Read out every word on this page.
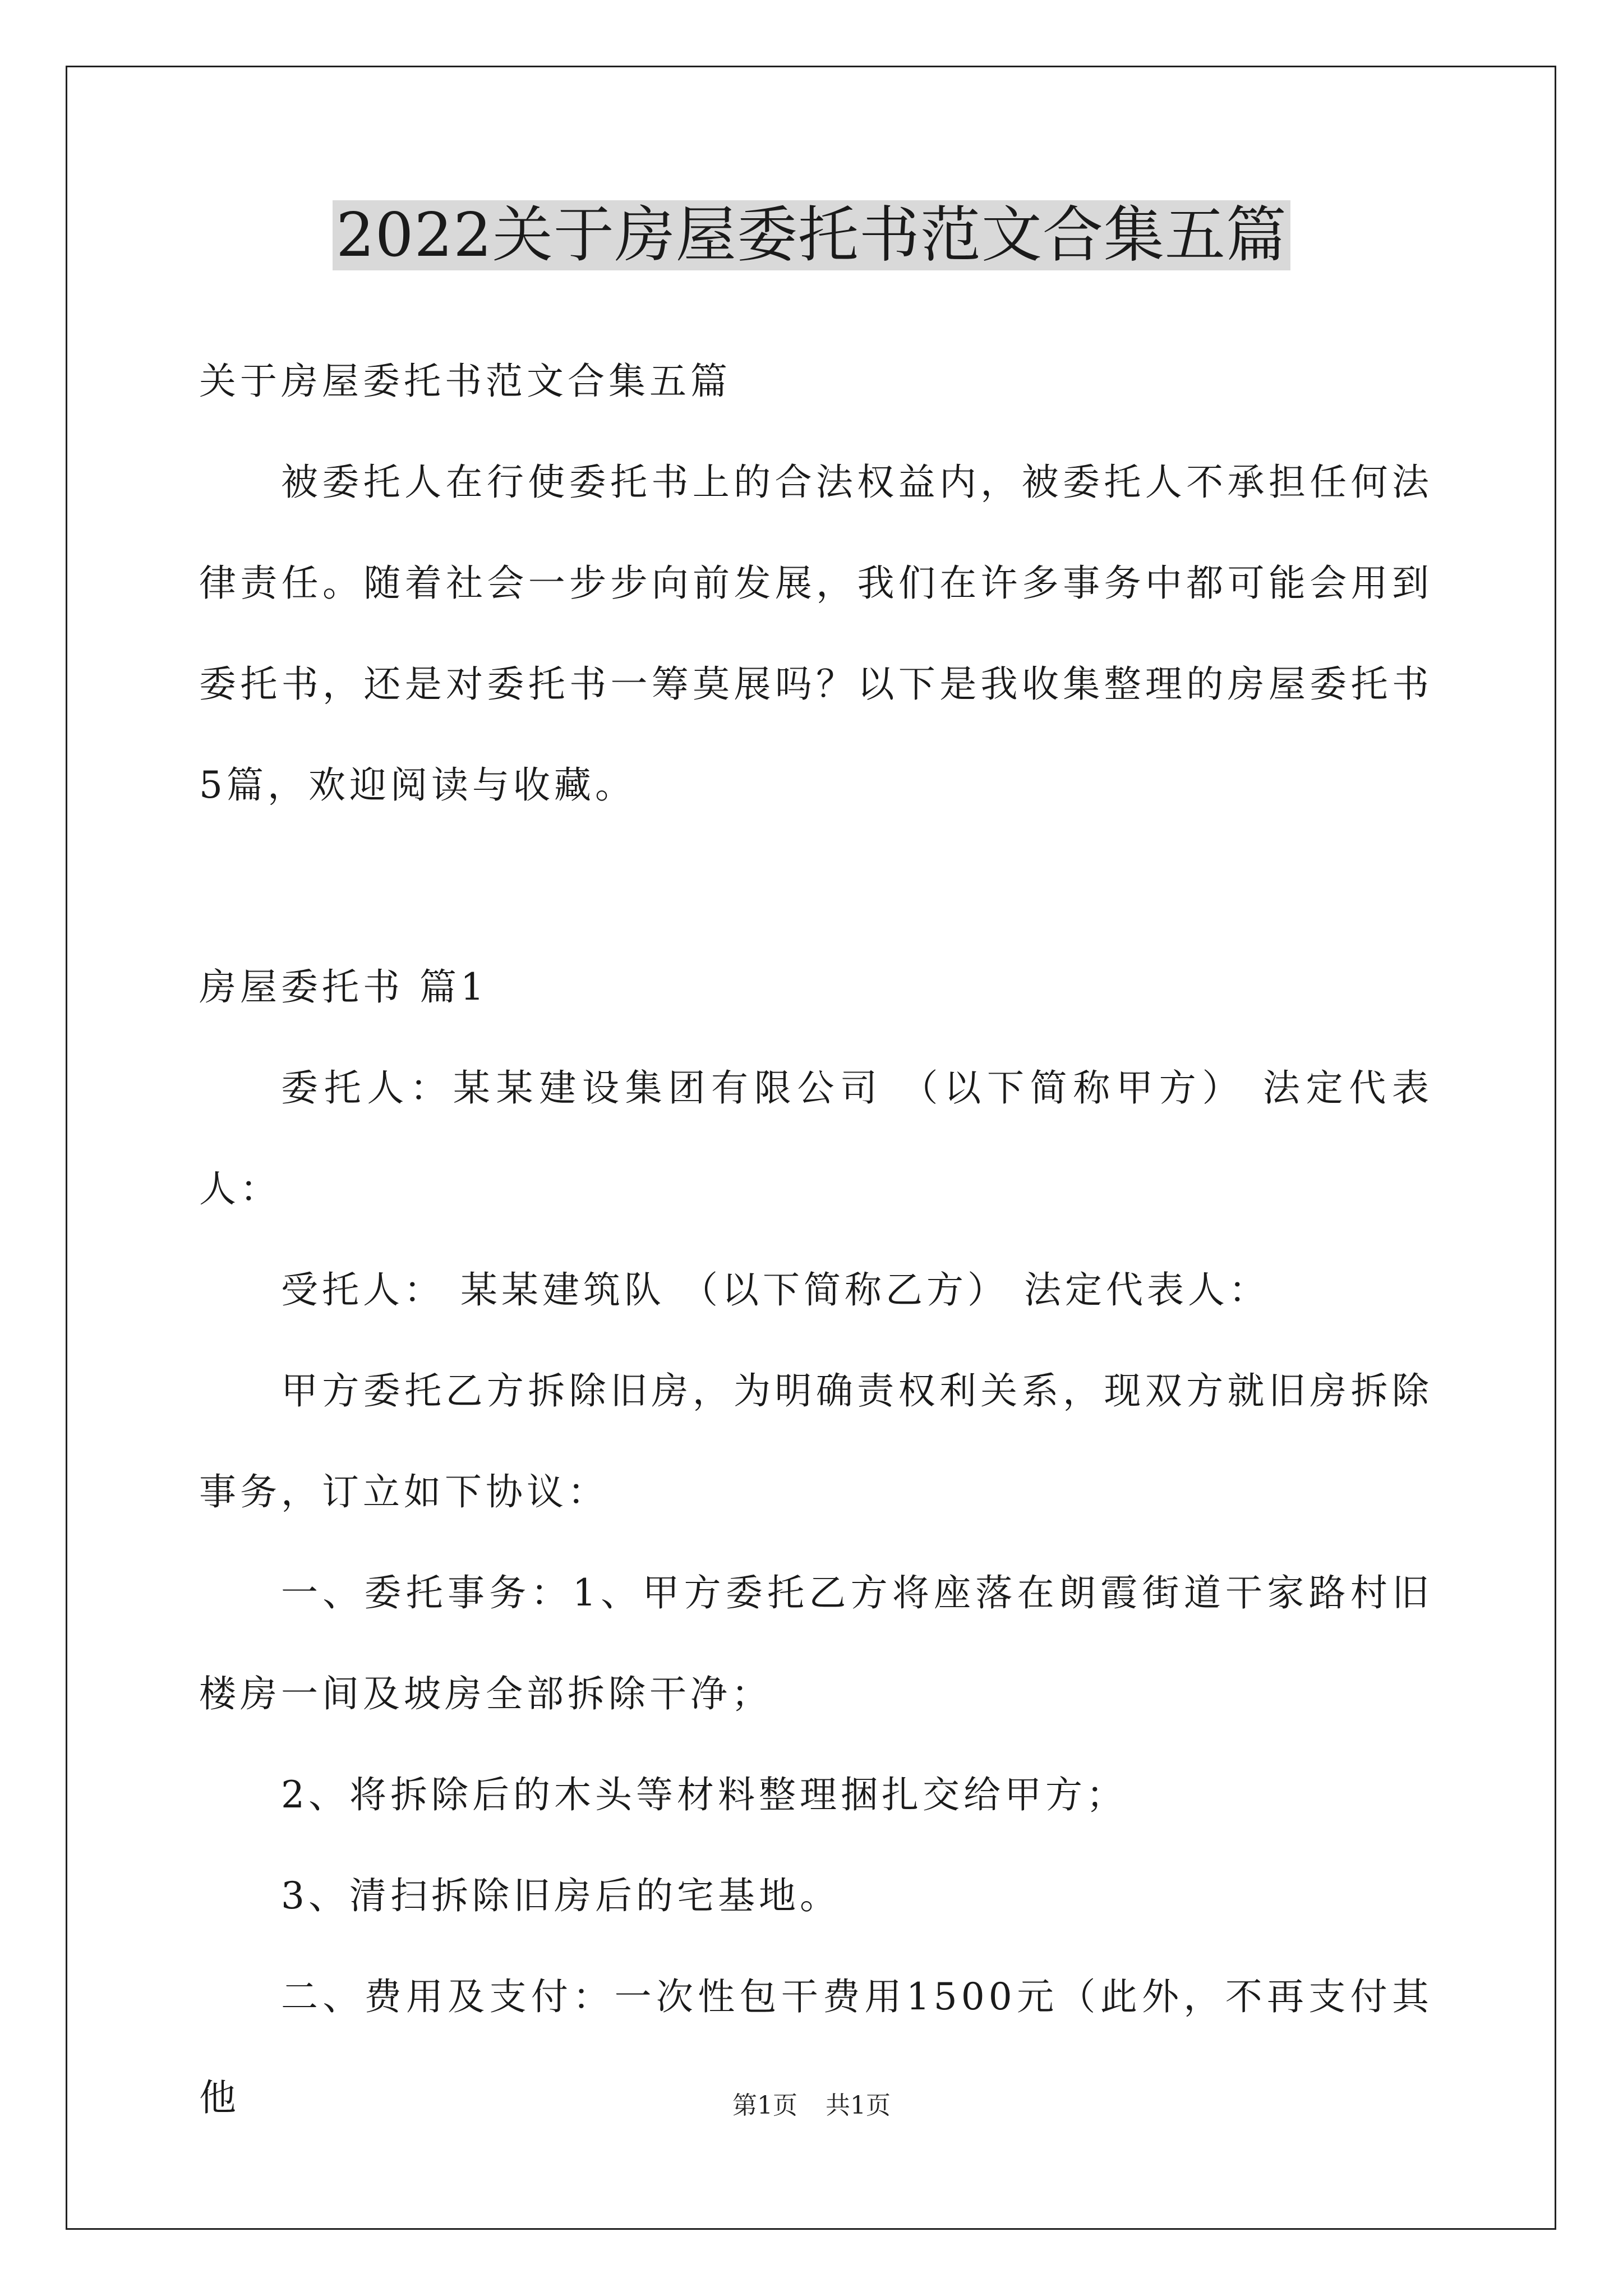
2022关于房屋委托书范文合集五篇

关于房屋委托书范文合集五篇

被委托人在行使委托书上的合法权益内，被委托人不承担任何法律责任。随着社会一步步向前发展，我们在许多事务中都可能会用到委托书，还是对委托书一筹莫展吗？以下是我收集整理的房屋委托书5篇，欢迎阅读与收藏。

房屋委托书 篇1

委托人：某某建设集团有限公司 （以下简称甲方） 法定代表人：

受托人： 某某建筑队 （以下简称乙方） 法定代表人：

甲方委托乙方拆除旧房，为明确责权利关系，现双方就旧房拆除事务，订立如下协议：

一、委托事务：1、甲方委托乙方将座落在朗霞街道干家路村旧楼房一间及坡房全部拆除干净；

2、将拆除后的木头等材料整理捆扎交给甲方；

3、清扫拆除旧房后的宅基地。

二、费用及支付：一次性包干费用1500元（此外，不再支付其他	第1页 共1页
